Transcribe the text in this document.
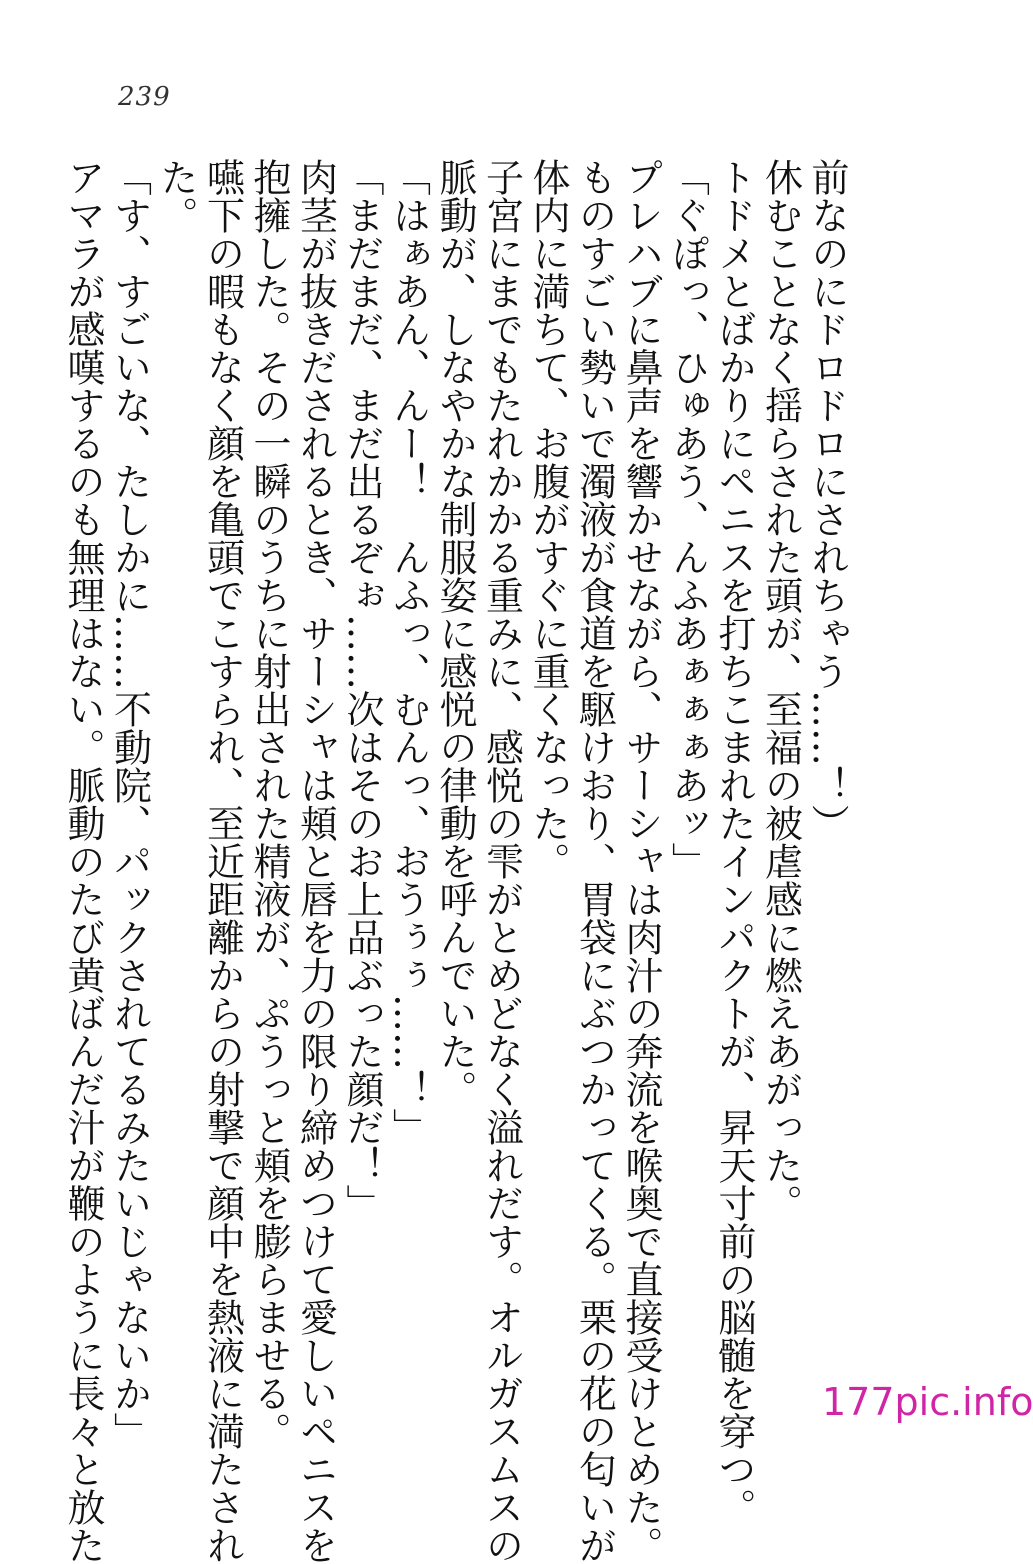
239
前なのにドロドロにされちゃう……！）
休むことなく揺らされた頭が、至福の被虐感に燃えあがった。
トドメとばかりにペニスを打ちこまれたインパクトが、昇天寸前の脳髄を穿つ。
「ぐぽっ、ひゅあう、んふあぁぁぁあッ」
プレハブに鼻声を響かせながら、サーシャは肉汁の奔流を喉奥で直接受けとめた。
ものすごい勢いで濁液が食道を駆けおり、胃袋にぶつかってくる。栗の花の匂いが
体内に満ちて、お腹がすぐに重くなった。
子宮にまでもたれかかる重みに、感悦の雫がとめどなく溢れだす。オルガスムスの
脈動が、しなやかな制服姿に感悦の律動を呼んでいた。
「はぁあん、んー！　んふっ、むんっ、おうぅぅ……！」
「まだまだ、まだ出るぞぉ……次はそのお上品ぶった顔だ！」
肉茎が抜きだされるとき、サーシャは頬と唇を力の限り締めつけて愛しいペニスを
抱擁した。その一瞬のうちに射出された精液が、ぷうっと頬を膨らませる。
嚥下の暇もなく顔を亀頭でこすられ、至近距離からの射撃で顔中を熱液に満たされ
た。
「す、すごいな、たしかに……不動院、パックされてるみたいじゃないか」
アマラが感嘆するのも無理はない。脈動のたび黄ばんだ汁が鞭のように長々と放た	177pic.info
